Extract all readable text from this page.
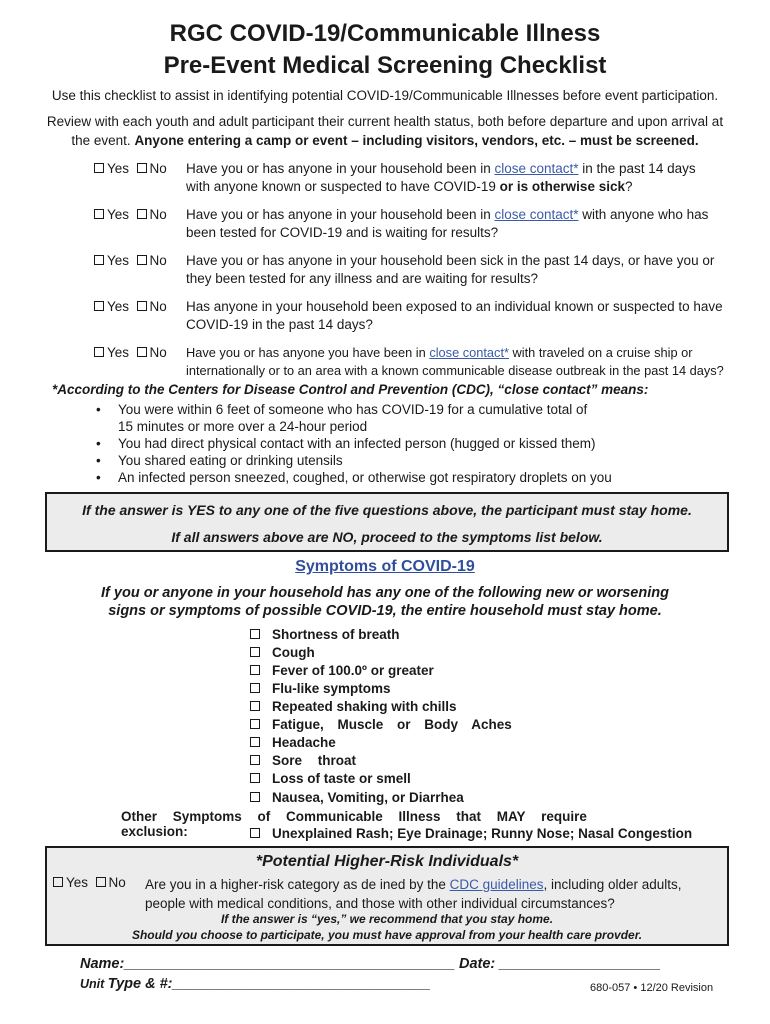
RGC COVID-19/Communicable Illness
Pre-Event Medical Screening Checklist
Use this checklist to assist in identifying potential COVID-19/Communicable Illnesses before event participation.
Review with each youth and adult participant their current health status, both before departure and upon arrival at
the event. Anyone entering a camp or event – including visitors, vendors, etc. – must be screened.
Yes No	Have you or has anyone in your household been in close contact* in the past 14 days
with anyone known or suspected to have COVID-19 or is otherwise sick?
Yes No	Have you or has anyone in your household been in close contact* with anyone who has
been tested for COVID-19 and is waiting for results?
Yes No	Have you or has anyone in your household been sick in the past 14 days, or have you or
they been tested for any illness and are waiting for results?
Yes No	Has anyone in your household been exposed to an individual known or suspected to have
COVID-19 in the past 14 days?
Yes No	Have you or has anyone you have been in close contact* with traveled on a cruise ship or
internationally or to an area with a known communicable disease outbreak in the past 14 days?
*According to the Centers for Disease Control and Prevention (CDC), “close contact” means:
• You were within 6 feet of someone who has COVID-19 for a cumulative total of
15 minutes or more over a 24-hour period
• You had direct physical contact with an infected person (hugged or kissed them)
• You shared eating or drinking utensils
• An infected person sneezed, coughed, or otherwise got respiratory droplets on you
If the answer is YES to any one of the five questions above, the participant must stay home.
If all answers above are NO, proceed to the symptoms list below.
Symptoms of COVID-19
If you or anyone in your household has any one of the following new or worsening
signs or symptoms of possible COVID-19, the entire household must stay home.
Shortness of breath
Cough
Fever of 100.0º or greater
Flu-like symptoms
Repeated shaking with chills
Fatigue, Muscle or Body Aches
Headache
Sore throat
Loss of taste or smell
Nausea, Vomiting, or Diarrhea
Other Symptoms of Communicable Illness that MAY require exclusion:	Unexplained Rash; Eye Drainage; Runny Nose; Nasal Congestion
*Potential Higher-Risk Individuals*
Yes No Are you in a higher-risk category as de ined by the CDC guidelines, including older adults,
people with medical conditions, and those with other individual circumstances?
If the answer is “yes,” we recommend that you stay home.
Should you choose to participate, you must have approval from your health care provder.
Name:_________________________________________ Date: ____________________
Unit Type & #:________________________________	680-057 • 12/20 Revision
